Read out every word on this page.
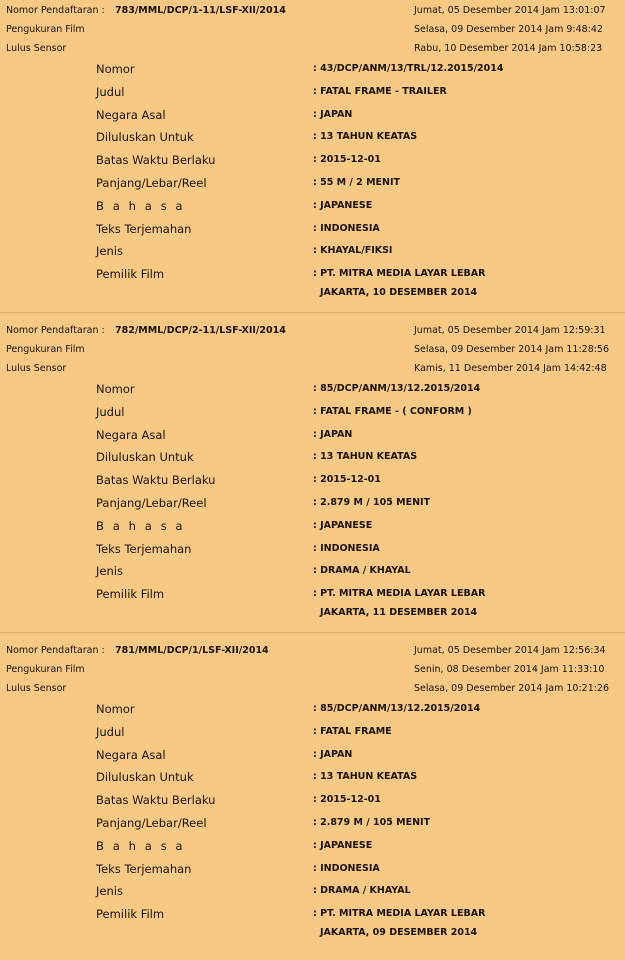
Nomor Pendaftaran : 783/MML/DCP/1-11/LSF-XII/2014	Jumat, 05 Desember 2014 Jam 13:01:07
Pengukuran Film	Selasa, 09 Desember 2014 Jam 9:48:42
Lulus Sensor	Rabu, 10 Desember 2014 Jam 10:58:23
Nomor	: 43/DCP/ANM/13/TRL/12.2015/2014
Judul	: FATAL FRAME - TRAILER
Negara Asal	: JAPAN
Diluluskan Untuk	: 13 TAHUN KEATAS
Batas Waktu Berlaku	: 2015-12-01
Panjang/Lebar/Reel	: 55 M / 2 MENIT
B a h a s a	: JAPANESE
Teks Terjemahan	: INDONESIA
Jenis	: KHAYAL/FIKSI
Pemilik Film	: PT. MITRA MEDIA LAYAR LEBAR
JAKARTA, 10 DESEMBER 2014
Nomor Pendaftaran : 782/MML/DCP/2-11/LSF-XII/2014	Jumat, 05 Desember 2014 Jam 12:59:31
Pengukuran Film	Selasa, 09 Desember 2014 Jam 11:28:56
Lulus Sensor	Kamis, 11 Desember 2014 Jam 14:42:48
Nomor	: 85/DCP/ANM/13/12.2015/2014
Judul	: FATAL FRAME - ( CONFORM )
Negara Asal	: JAPAN
Diluluskan Untuk	: 13 TAHUN KEATAS
Batas Waktu Berlaku	: 2015-12-01
Panjang/Lebar/Reel	: 2.879 M / 105 MENIT
B a h a s a	: JAPANESE
Teks Terjemahan	: INDONESIA
Jenis	: DRAMA / KHAYAL
Pemilik Film	: PT. MITRA MEDIA LAYAR LEBAR
JAKARTA, 11 DESEMBER 2014
Nomor Pendaftaran : 781/MML/DCP/1/LSF-XII/2014	Jumat, 05 Desember 2014 Jam 12:56:34
Pengukuran Film	Senin, 08 Desember 2014 Jam 11:33:10
Lulus Sensor	Selasa, 09 Desember 2014 Jam 10:21:26
Nomor	: 85/DCP/ANM/13/12.2015/2014
Judul	: FATAL FRAME
Negara Asal	: JAPAN
Diluluskan Untuk	: 13 TAHUN KEATAS
Batas Waktu Berlaku	: 2015-12-01
Panjang/Lebar/Reel	: 2.879 M / 105 MENIT
B a h a s a	: JAPANESE
Teks Terjemahan	: INDONESIA
Jenis	: DRAMA / KHAYAL
Pemilik Film	: PT. MITRA MEDIA LAYAR LEBAR
JAKARTA, 09 DESEMBER 2014
